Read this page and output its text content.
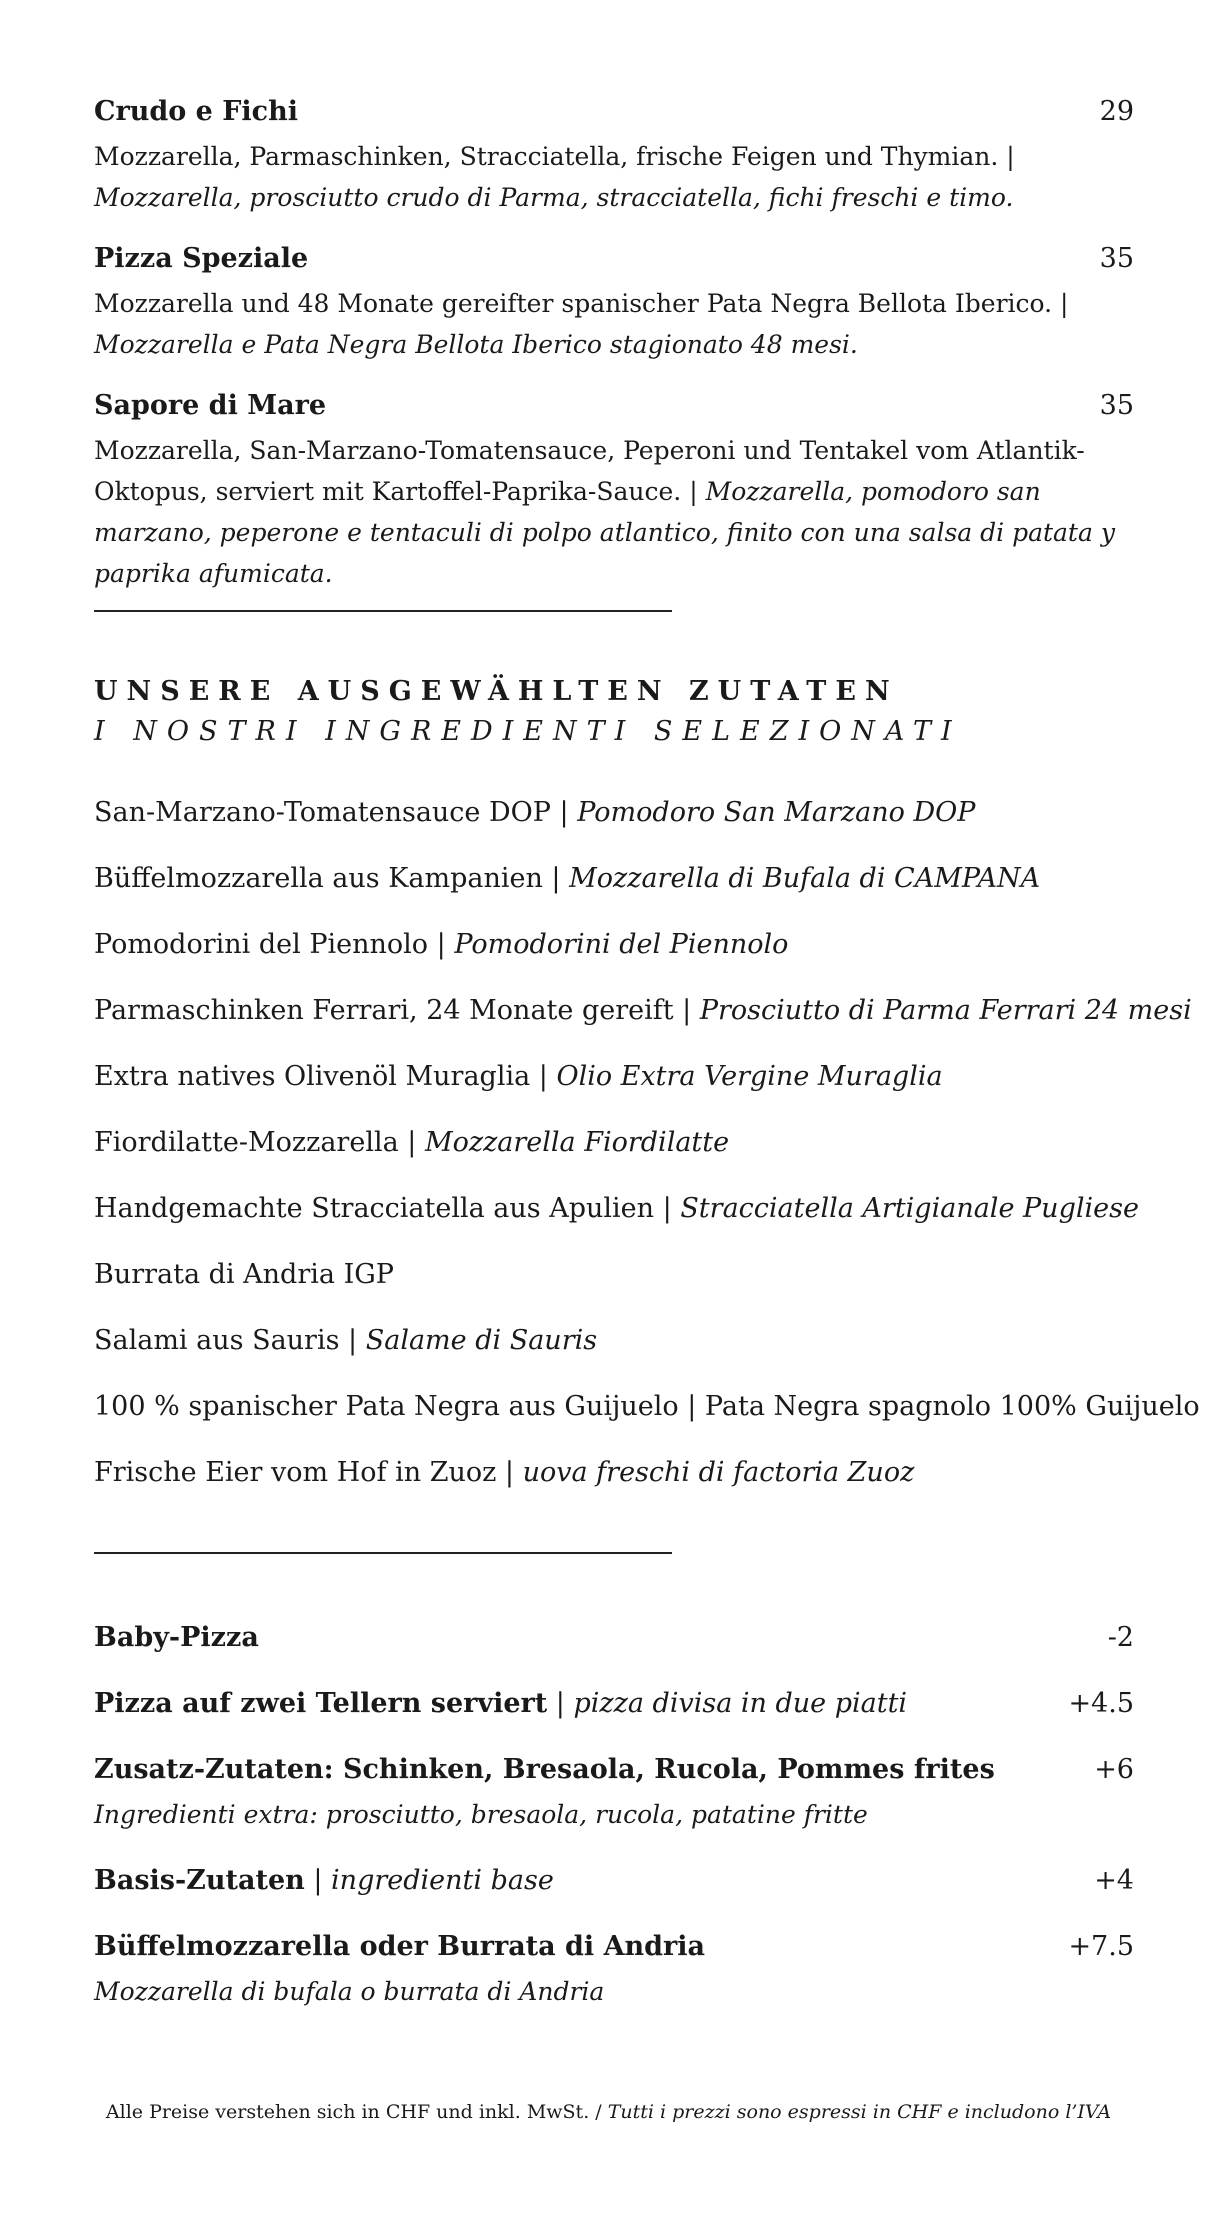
Crudo e Fichi	29
Mozzarella, Parmaschinken, Stracciatella, frische Feigen und Thymian. | Mozzarella, prosciutto crudo di Parma, stracciatella, fichi freschi e timo.
Pizza Speziale	35
Mozzarella und 48 Monate gereifter spanischer Pata Negra Bellota Iberico. | Mozzarella e Pata Negra Bellota Iberico stagionato 48 mesi.
Sapore di Mare	35
Mozzarella, San-Marzano-Tomatensauce, Peperoni und Tentakel vom Atlantik-Oktopus, serviert mit Kartoffel-Paprika-Sauce. | Mozzarella, pomodoro san marzano, peperone e tentaculi di polpo atlantico, finito con una salsa di patata y paprika afumicata.
UNSERE AUSGEWÄHLTEN ZUTATEN
I NOSTRI INGREDIENTI SELEZIONATI
San-Marzano-Tomatensauce DOP | Pomodoro San Marzano DOP
Büffelmozzarella aus Kampanien | Mozzarella di Bufala di CAMPANA
Pomodorini del Piennolo | Pomodorini del Piennolo
Parmaschinken Ferrari, 24 Monate gereift | Prosciutto di Parma Ferrari 24 mesi
Extra natives Olivenöl Muraglia | Olio Extra Vergine Muraglia
Fiordilatte-Mozzarella | Mozzarella Fiordilatte
Handgemachte Stracciatella aus Apulien | Stracciatella Artigianale Pugliese
Burrata di Andria IGP
Salami aus Sauris | Salame di Sauris
100 % spanischer Pata Negra aus Guijuelo | Pata Negra spagnolo 100% Guijuelo
Frische Eier vom Hof in Zuoz | uova freschi di factoria Zuoz
Baby-Pizza	-2
Pizza auf zwei Tellern serviert | pizza divisa in due piatti	+4.5
Zusatz-Zutaten: Schinken, Bresaola, Rucola, Pommes frites	+6
Ingredienti extra: prosciutto, bresaola, rucola, patatine fritte
Basis-Zutaten | ingredienti base	+4
Büffelmozzarella oder Burrata di Andria	+7.5
Mozzarella di bufala o burrata di Andria
Alle Preise verstehen sich in CHF und inkl. MwSt. / Tutti i prezzi sono espressi in CHF e includono l’IVA
